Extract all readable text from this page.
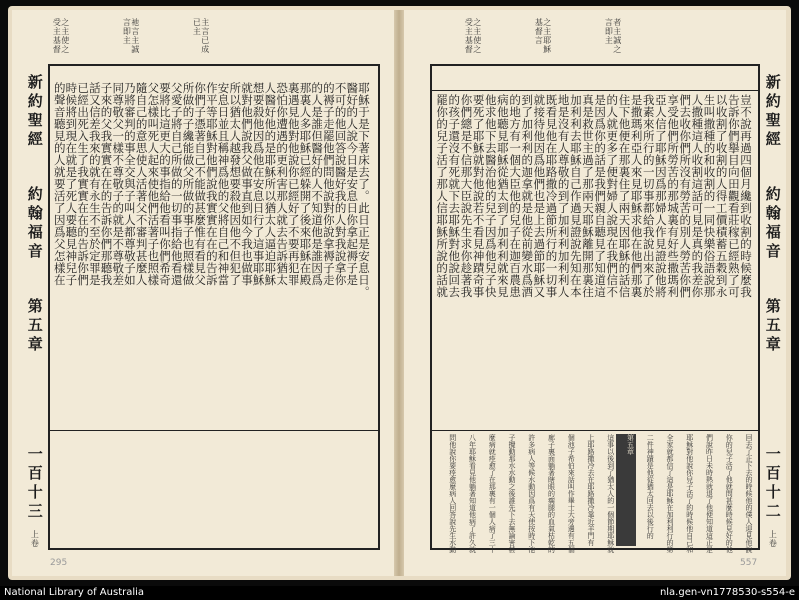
之主使之受主基督	祂言主誠言即主	主言已成已主
新約聖經
約翰福音
第五章
一百十三
上卷
耶穌于是下著床去了。此日正是安息日。
醫好的人說今日是安息日你拿起褥子是
不可的他回答說醫好我的人對我說拿你
的褥子走罷他們問他說對你說拿褥子走
的人是誰但醫好的人不知道他是誰因爲
那裏人多耶穌已經躲開了後來耶穌在殿
裏遇見他對他說你已經好了不要再犯罪
恐怕你遭遇的更利害那人就去告訴猶太
人醫好他的是耶穌所以猶太人逼迫耶穌
想要殺他因爲他在安息日行了這事耶穌
就對他們說我父做事直到如今我也做事
所以猶太人越發想要殺他因他不但犯了
安息日並且稱神爲他的父將自己和神當
作平等耶穌對他們說我實實在在的告訴
你們子憑著自己不能做甚麼惟有看見父
所做的子纔能做父所做的事子也照樣做
父愛子將自己所做的一切事指給他看還
要將比這更大的事指給他看叫你們希奇
父怎樣叫死人起來使他們活著子也照樣
隨自己的意思使人活著父不審判甚麼人
乃將審判的事全交與子叫人都尊敬子如
同尊敬父一樣不尊敬子的就是不尊敬差
子來的父我實實在在的告訴你們那聽我
話又信差我來的就有永生不至於定罪是
已經出死入生了我實實在在的告訴你們
時候將到現在就是了死人要聽見神兒子
的聲音聽見的人就要活了因爲父怎樣在
295
之主使之受主基督	之主耶穌基督言	者主誠之言即主
新約聖經
約翰福音
第五章
一百十二
上卷
豈不說再過四個月纔到收割的時候麼我
告訴你們擧目向田觀看莊稼已經熟了可
以收割了收割的人得工價積蓄五穀到永
生叫撒種的和收割的一同快樂俗語說那
人撒種這人收割這話可見是真的我差你
們去收你們所沒有勞苦的別人勞苦你們
享受他們所勞苦的那城裏有好些撒瑪利
亞人信了耶穌因爲那婦人作見證說他將
我素來所行的一切事都給我說出來了於
是撒瑪利亞人來見耶穌求他在他們那裏
住下他便在那裏住了兩天因耶穌的話信
的人就更多了便對婦人說現在我們信不
是因爲你的話是我們親自聽見了知道這
真是救世主過了那兩天耶穌離開那裏往
加利利去耶穌自己作過見證說先知在本
地是沒有人尊敬的到了加利利加利利人
既看見他在耶路撒冷過節所行的一切事
就接待他因爲他們也是上去過節耶穌又
到了加利利的迦拿就是他從前變水爲酒
的地方有一個大臣他的兒子在迦百農患
病他聽見耶穌從猶太到了加利利就來見
他求他下去醫治他的兒子因爲他兒子快
要死了耶穌就對他說若不看見神蹟奇事
你們總是不信那大臣說先生求你趁著我
的孩子還沒有死就下去耶穌對他說回去
罷你的兒子活了那人信耶穌所說的話就
回去了正下去的時候他的僕人迎見他說
你的兒子活了他就問甚麼時候見好的他
們說昨日未時熱就退了他便知道這正是
耶穌對他說你兒子活了的時候他自己和
全家就都信了這是耶穌在加利利行的第
二件神蹟是他從猶太回去以後行的
第五章
這事以後到了猶太人的一個節期耶穌就
上耶路撒冷去在耶路撒冷靠近羊門有一
個池子希伯來話叫作畢士大旁邊有五個
廊子裏面躺著瞎眼的瘸腿的血氣枯乾的
許多病人等候水動因爲有天使按時下池
子攪動那水水動之後誰先下去無論害甚
麼病就痊愈了在那裏有一個人病了三十
八年耶穌看見他躺著知道他病了許久就
問他說你要痊愈麼病人回答說先生水動
557
National Library of Australia	nla.gen-vn1778530-s554-e
